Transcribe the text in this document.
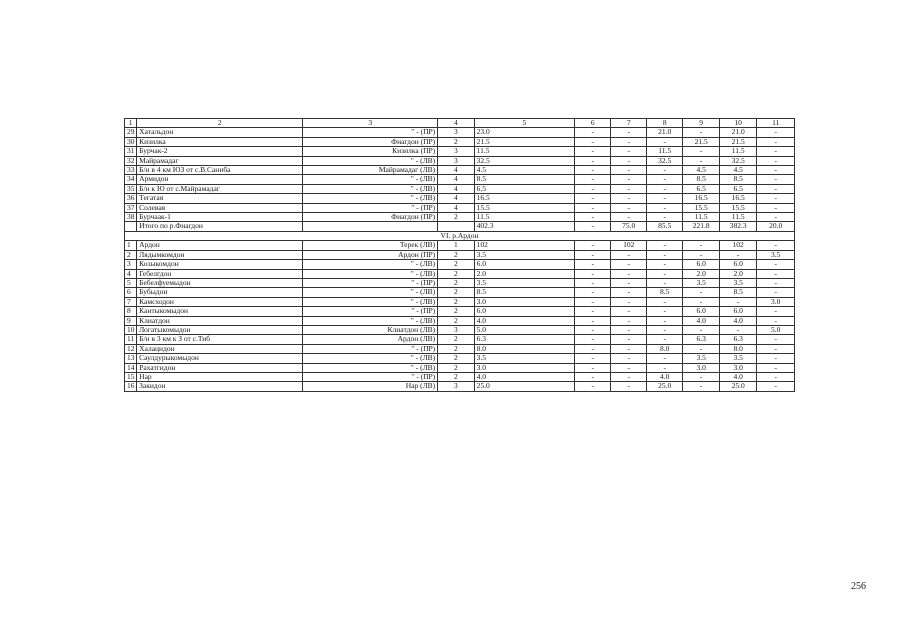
1	2	3	4	5	6	7	8	9	10	11
29	Хатальдон	" - (ПР)	3	23.0	-	-	21.0	-	21.0	-
30	Кизилка	Фиагдон (ПР)	2	21.5	-	-	-	21.5	21.5	-
31	Бурчак-2	Кизилка (ПР)	3	11.5	-	-	11.5	-	11.5	-
32	Майрамадаг	" - (ЛВ)	3	32.5	-	-	32.5	-	32.5	-
33	Б/н в 4 км ЮЗ от с.В.Саниба	Майрамадаг (ЛВ)	4	4.5	-	-	-	4.5	4.5	-
34	Армидон	" - (ЛВ)	4	8.5	-	-	-	8.5	8.5	-
35	Б/н к Ю от с.Майрамадаг	" - (ЛВ)	4	6.5	-	-	-	6.5	6.5	-
36	Тегатая	" - (ЛВ)	4	16.5	-	-	-	16.5	16.5	-
37	Солевая	" - (ПР)	4	15.5	-	-	-	15.5	15.5	-
38	Бурчаак-1	Фиагдон (ПР)	2	11.5	-	-	-	11.5	11.5	-
	Итого по р.Фиагдон			402.3	-	75.0	85.5	221.8	382.3	20.0
VI. р.Ардон										
1	Ардон	Терек (ЛВ)	1	102	-	102	-	-	102	-
2	Лядымкомдон	Ардон (ПР)	2	3.5	-	-	-	-	-	3.5
3	Козыкомдон	" - (ЛВ)	2	6.0	-	-	-	6.0	6.0	-
4	Гебелгдон	" - (ЛВ)	2	2.0	-	-	-	2.0	2.0	-
5	Бебелфуемыдон	" - (ПР)	2	3.5	-	-	-	3.5	3.5	-
6	Бубыдон	" - (ЛВ)	2	8.5	-	-	8.5	-	8.5	-
7	Камсходон	" - (ЛВ)	2	3.0	-	-	-	-	-	3.0
8	Кантыкомыдон	" - (ПР)	2	6.0	-	-	-	6.0	6.0	-
9	Клиатдон	" - (ЛВ)	2	4.0	-	-	-	4.0	4.0	-
10	Логатыкомыдон	Клиатдон (ЛВ)	3	5.0	-	-	-	-	-	5.0
11	Б/н в 3 км к З от с.Тиб	Ардон (ЛВ)	2	6.3	-	-	-	6.3	6.3	-
12	Халацидон	" - (ПР)	2	8.0	-	-	8.0	-	8.0	-
13	Саулдурыкомыдон	" - (ЛВ)	2	3.5	-	-	-	3.5	3.5	-
14	Рахатгидон	" - (ЛВ)	2	3.0	-	-	-	3.0	3.0	-
15	Нар	" - (ПР)	2	4.0	-	-	4.0	-	4.0	-
16	Закидон	Нар (ЛВ)	3	25.0	-	-	25.0	-	25.0	-
256
